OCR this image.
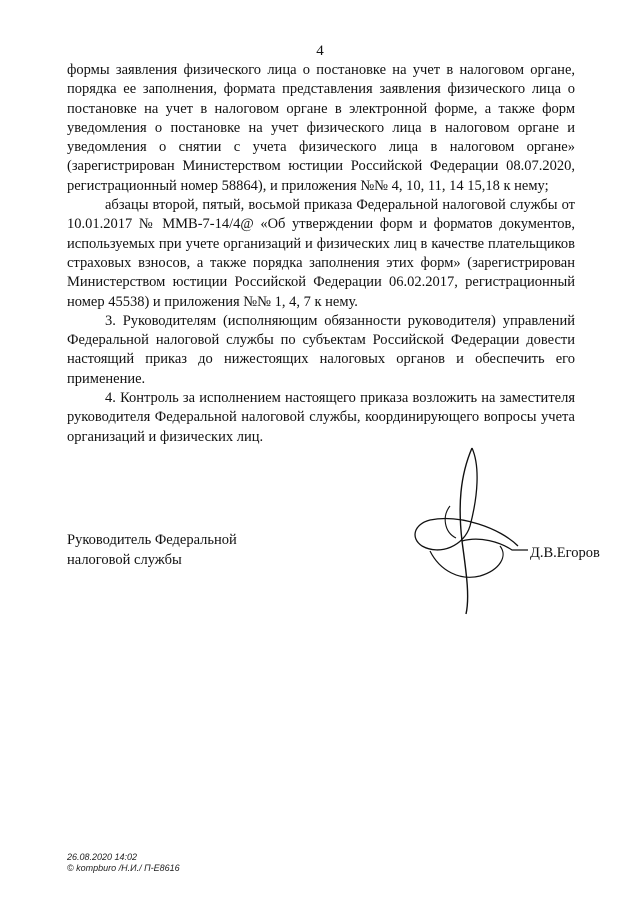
4

формы заявления физического лица о постановке на учет в налоговом органе, порядка ее заполнения, формата представления заявления физического лица о постановке на учет в налоговом органе в электронной форме, а также форм уведомления о постановке на учет физического лица в налоговом органе и уведомления о снятии с учета физического лица в налоговом органе» (зарегистрирован Министерством юстиции Российской Федерации 08.07.2020, регистрационный номер 58864), и приложения №№ 4, 10, 11, 14 15,18 к нему;

абзацы второй, пятый, восьмой приказа Федеральной налоговой службы от 10.01.2017 № ММВ-7-14/4@ «Об утверждении форм и форматов документов, используемых при учете организаций и физических лиц в качестве плательщиков страховых взносов, а также порядка заполнения этих форм» (зарегистрирован Министерством юстиции Российской Федерации 06.02.2017, регистрационный номер 45538) и приложения №№ 1, 4, 7 к нему.

3. Руководителям (исполняющим обязанности руководителя) управлений Федеральной налоговой службы по субъектам Российской Федерации довести настоящий приказ до нижестоящих налоговых органов и обеспечить его применение.

4. Контроль за исполнением настоящего приказа возложить на заместителя руководителя Федеральной налоговой службы, координирующего вопросы учета организаций и физических лиц.

Руководитель Федеральной
налоговой службы	Д.В.Егоров
26.08.2020 14:02
© kompburo /Н.И./ П-Е8616
